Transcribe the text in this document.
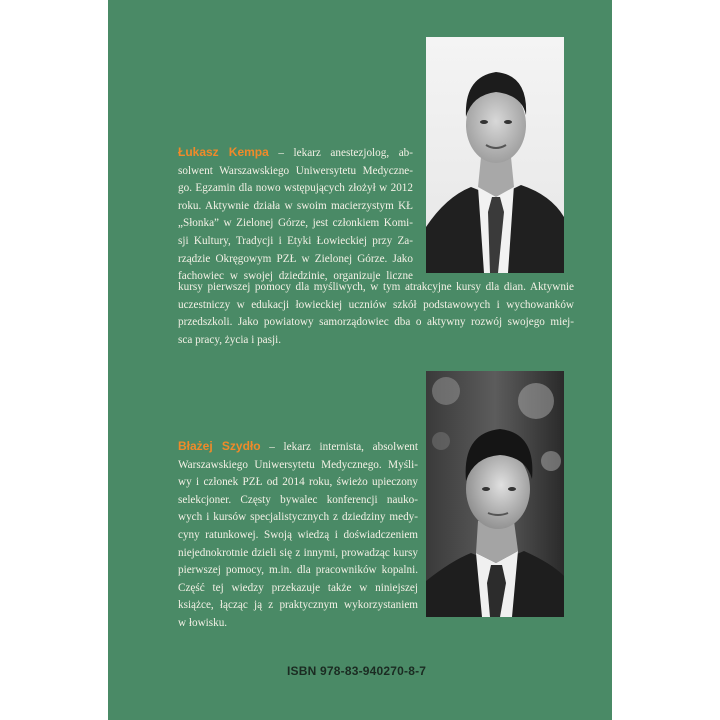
Łukasz Kempa – lekarz anestezjolog, ab-
solwent Warszawskiego Uniwersytetu Medyczne-
go. Egzamin dla nowo wstępujących złożył w 2012
roku. Aktywnie działa w swoim macierzystym KŁ
„Słonka” w Zielonej Górze, jest członkiem Komi-
sji Kultury, Tradycji i Etyki Łowieckiej przy Za-
rządzie Okręgowym PZŁ w Zielonej Górze. Jako
fachowiec w swojej dziedzinie, organizuje liczne
kursy pierwszej pomocy dla myśliwych, w tym atrakcyjne kursy dla dian. Aktywnie
uczestniczy w edukacji łowieckiej uczniów szkół podstawowych i wychowanków
przedszkoli. Jako powiatowy samorządowiec dba o aktywny rozwój swojego miej-
sca pracy, życia i pasji.
Błażej Szydło – lekarz internista, absolwent
Warszawskiego Uniwersytetu Medycznego. Myśli-
wy i członek PZŁ od 2014 roku, świeżo upieczony
selekcjoner. Częsty bywalec konferencji nauko-
wych i kursów specjalistycznych z dziedziny medy-
cyny ratunkowej. Swoją wiedzą i doświadczeniem
niejednokrotnie dzieli się z innymi, prowadząc kursy
pierwszej pomocy, m.in. dla pracowników kopalni.
Część tej wiedzy przekazuje także w niniejszej
książce, łącząc ją z praktycznym wykorzystaniem
w łowisku.
ISBN 978-83-940270-8-7
